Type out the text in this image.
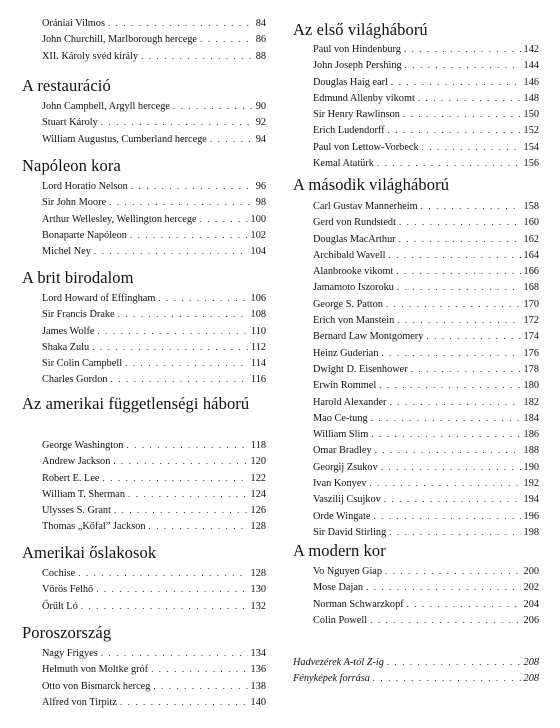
Orániai Vilmos . . .	84
John Churchill, Marlborough hercege . . .	86
XII. Károly svéd király . . .	88
A restauráció
John Campbell, Argyll hercege . . .	90
Stuart Károly . . .	92
William Augustus, Cumberland hercege . . .	94
Napóleon kora
Lord Horatio Nelson . . .	96
Sir John Moore . . .	98
Arthur Wellesley, Wellington hercege . . .	100
Bonaparte Napóleon . . .	102
Michel Ney . . .	104
A brit birodalom
Lord Howard of Effingham . . .	106
Sir Francis Drake . . .	108
James Wolfe . . .	110
Shaka Zulu . . .	112
Sir Colin Campbell . . .	114
Charles Gordon . . .	116
Az amerikai függetlenségi háború
George Washington . . .	118
Andrew Jackson . . .	120
Robert E. Lee . . .	122
William T. Sherman . . .	124
Ulysses S. Grant . . .	126
Thomas „Kőfal” Jackson . . .	128
Amerikai őslakosok
Cochise . . .	128
Vörös Felhő . . .	130
Őrült Ló . . .	132
Poroszország
Nagy Frigyes . . .	134
Helmuth von Moltke gróf . . .	136
Otto von Bismarck herceg . . .	138
Alfred von Tirpitz . . .	140
Az első világháború
Paul von Hindenburg . . .	142
John Joseph Pershing . . .	144
Douglas Haig earl . . .	146
Edmund Allenby vikomt . . .	148
Sir Henry Rawlinson . . .	150
Erich Ludendorff . . .	152
Paul von Lettow-Vorbeck . . .	154
Kemal Atatürk . . .	156
A második világháború
Carl Gustav Mannerheim . . .	158
Gerd von Rundstedt . . .	160
Douglas MacArthur . . .	162
Archibald Wavell . . .	164
Alanbrooke vikomt . . .	166
Jamamoto Iszoroku . . .	168
George S. Patton . . .	170
Erich von Manstein . . .	172
Bernard Law Montgomery . . .	174
Heinz Guderian . . .	176
Dwight D. Eisenhower . . .	178
Erwin Rommel . . .	180
Harold Alexander . . .	182
Mao Ce-tung . . .	184
William Slim . . .	186
Omar Bradley . . .	188
Georgij Zsukov . . .	190
Ivan Konyev . . .	192
Vaszilij Csujkov . . .	194
Orde Wingate . . .	196
Sir David Stirling . . .	198
A modern kor
Vo Nguyen Giap . . .	200
Mose Dajan . . .	202
Norman Schwarzkopf . . .	204
Colin Powell . . .	206
Hadvezérek A-tól Z-ig . . .	208
Fényképek forrása . . .	208
